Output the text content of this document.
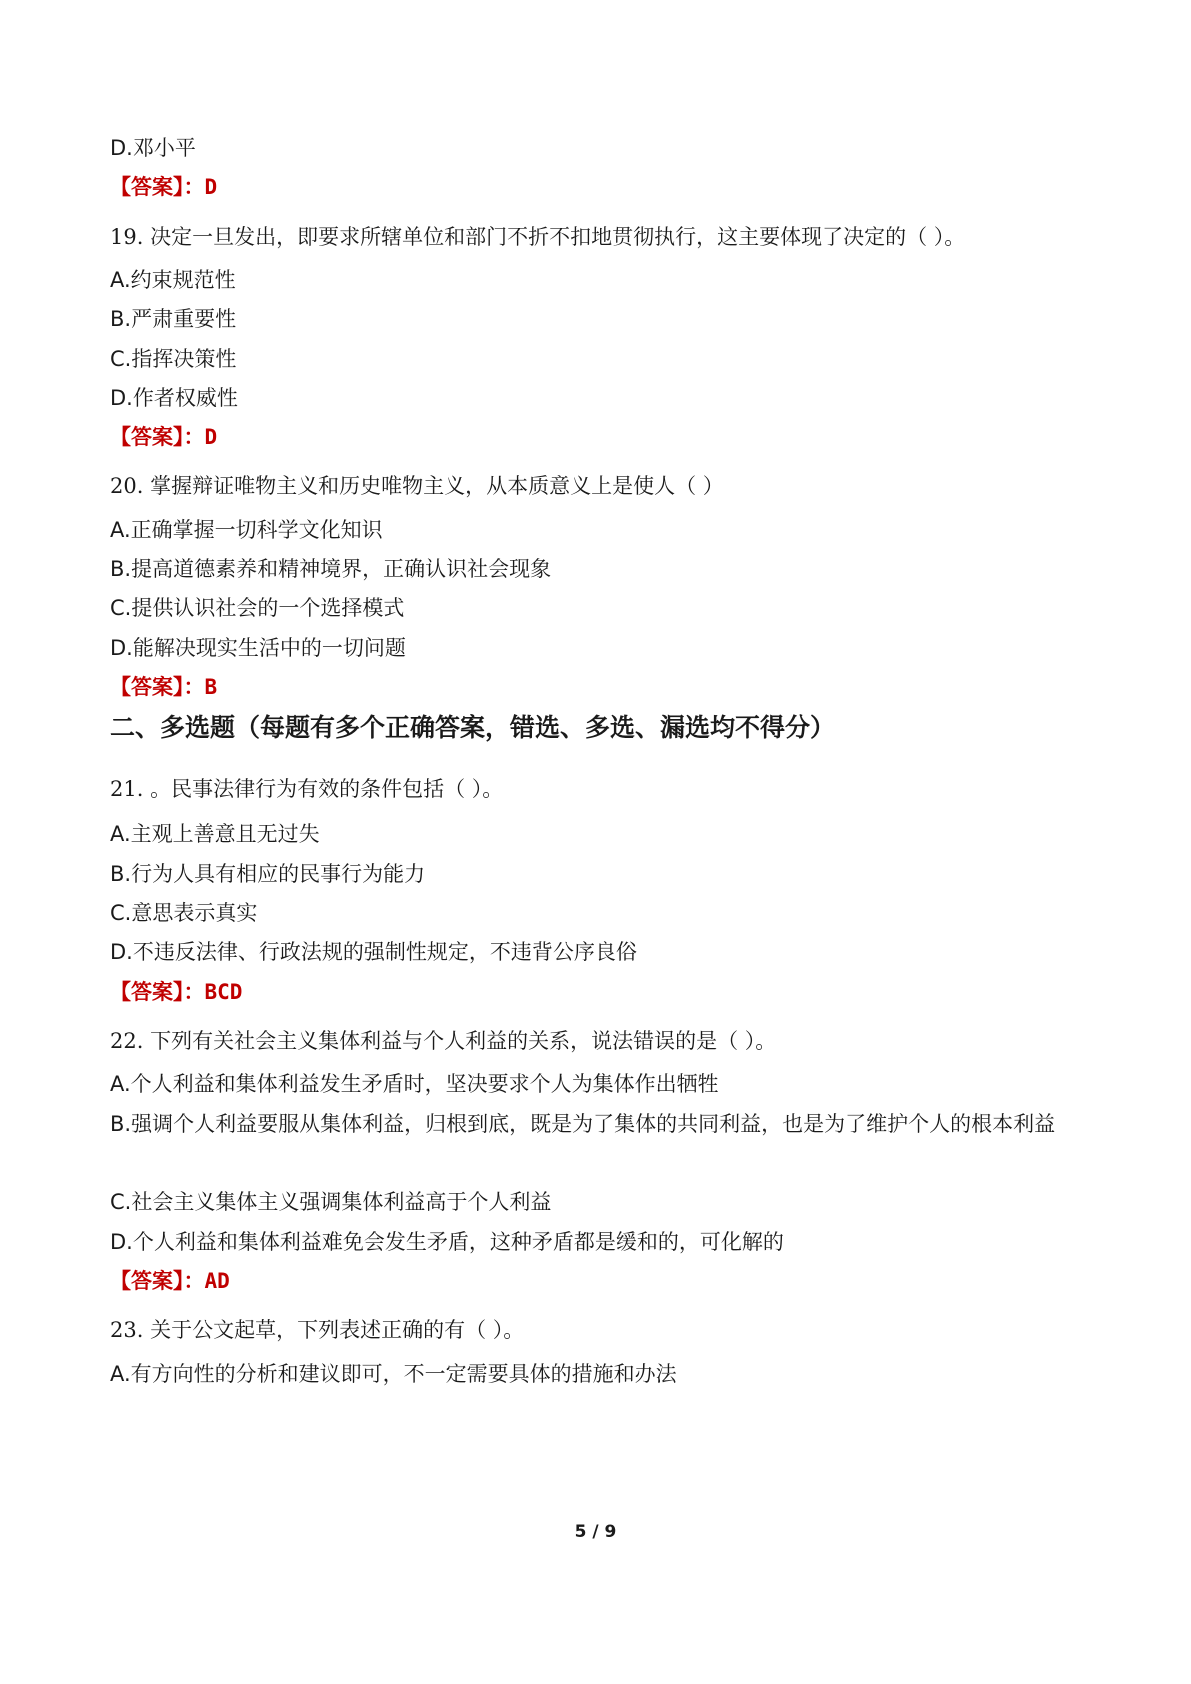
D.邓小平
【答案】：D
19. 决定一旦发出，即要求所辖单位和部门不折不扣地贯彻执行，这主要体现了决定的（ ）。
A.约束规范性
B.严肃重要性
C.指挥决策性
D.作者权威性
【答案】：D
20. 掌握辩证唯物主义和历史唯物主义，从本质意义上是使人（ ）
A.正确掌握一切科学文化知识
B.提高道德素养和精神境界，正确认识社会现象
C.提供认识社会的一个选择模式
D.能解决现实生活中的一切问题
【答案】：B
二、多选题（每题有多个正确答案，错选、多选、漏选均不得分）
21. 。民事法律行为有效的条件包括（ ）。
A.主观上善意且无过失
B.行为人具有相应的民事行为能力
C.意思表示真实
D.不违反法律、行政法规的强制性规定，不违背公序良俗
【答案】：BCD
22. 下列有关社会主义集体利益与个人利益的关系，说法错误的是（ ）。
A.个人利益和集体利益发生矛盾时，坚决要求个人为集体作出牺牲
B.强调个人利益要服从集体利益，归根到底，既是为了集体的共同利益，也是为了维护个人的根本利益
C.社会主义集体主义强调集体利益高于个人利益
D.个人利益和集体利益难免会发生矛盾，这种矛盾都是缓和的，可化解的
【答案】：AD
23. 关于公文起草，下列表述正确的有（ ）。
A.有方向性的分析和建议即可，不一定需要具体的措施和办法
5 / 9
